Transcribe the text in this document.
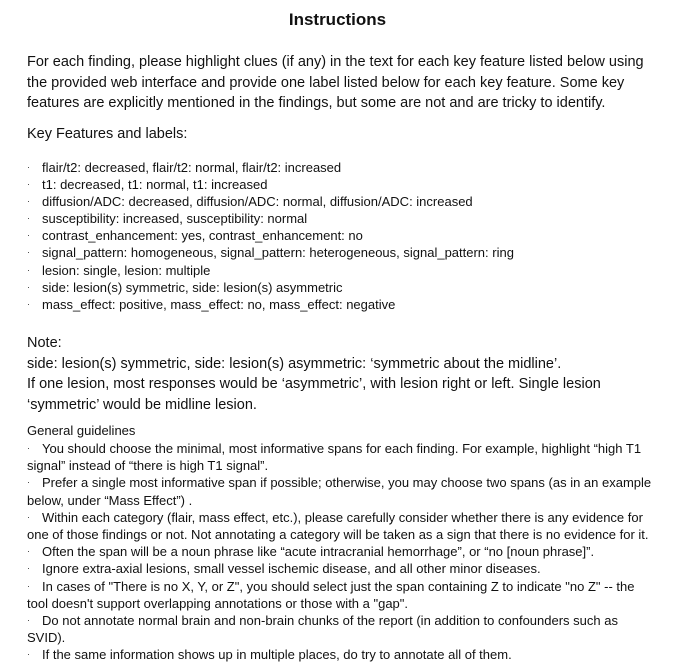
Instructions

For each finding, please highlight clues (if any) in the text for each key feature listed below using the provided web interface and provide one label listed below for each key feature. Some key features are explicitly mentioned in the findings, but some are not and are tricky to identify.

Key Features and labels:

· flair/t2: decreased, flair/t2: normal, flair/t2: increased
· t1: decreased, t1: normal, t1: increased
· diffusion/ADC: decreased, diffusion/ADC: normal, diffusion/ADC: increased
· susceptibility: increased, susceptibility: normal
· contrast_enhancement: yes, contrast_enhancement: no
· signal_pattern: homogeneous, signal_pattern: heterogeneous, signal_pattern: ring
· lesion: single, lesion: multiple
· side: lesion(s) symmetric, side: lesion(s) asymmetric
· mass_effect: positive, mass_effect: no, mass_effect: negative
Note:
side: lesion(s) symmetric, side: lesion(s) asymmetric: ‘symmetric about the midline’.
If one lesion, most responses would be ‘asymmetric’, with lesion right or left. Single lesion
‘symmetric’ would be midline lesion.

General guidelines

· You should choose the minimal, most informative spans for each finding. For example, highlight “high T1 signal” instead of “there is high T1 signal”.
· Prefer a single most informative span if possible; otherwise, you may choose two spans (as in an example below, under “Mass Effect”) .
· Within each category (flair, mass effect, etc.), please carefully consider whether there is any evidence for one of those findings or not. Not annotating a category will be taken as a sign that there is no evidence for it.
· Often the span will be a noun phrase like “acute intracranial hemorrhage”, or “no [noun phrase]”.
· Ignore extra-axial lesions, small vessel ischemic disease, and all other minor diseases.
· In cases of "There is no X, Y, or Z", you should select just the span containing Z to indicate "no Z" -- the tool doesn't support overlapping annotations or those with a "gap".
· Do not annotate normal brain and non-brain chunks of the report (in addition to confounders such as SVID).
· If the same information shows up in multiple places, do try to annotate all of them.
